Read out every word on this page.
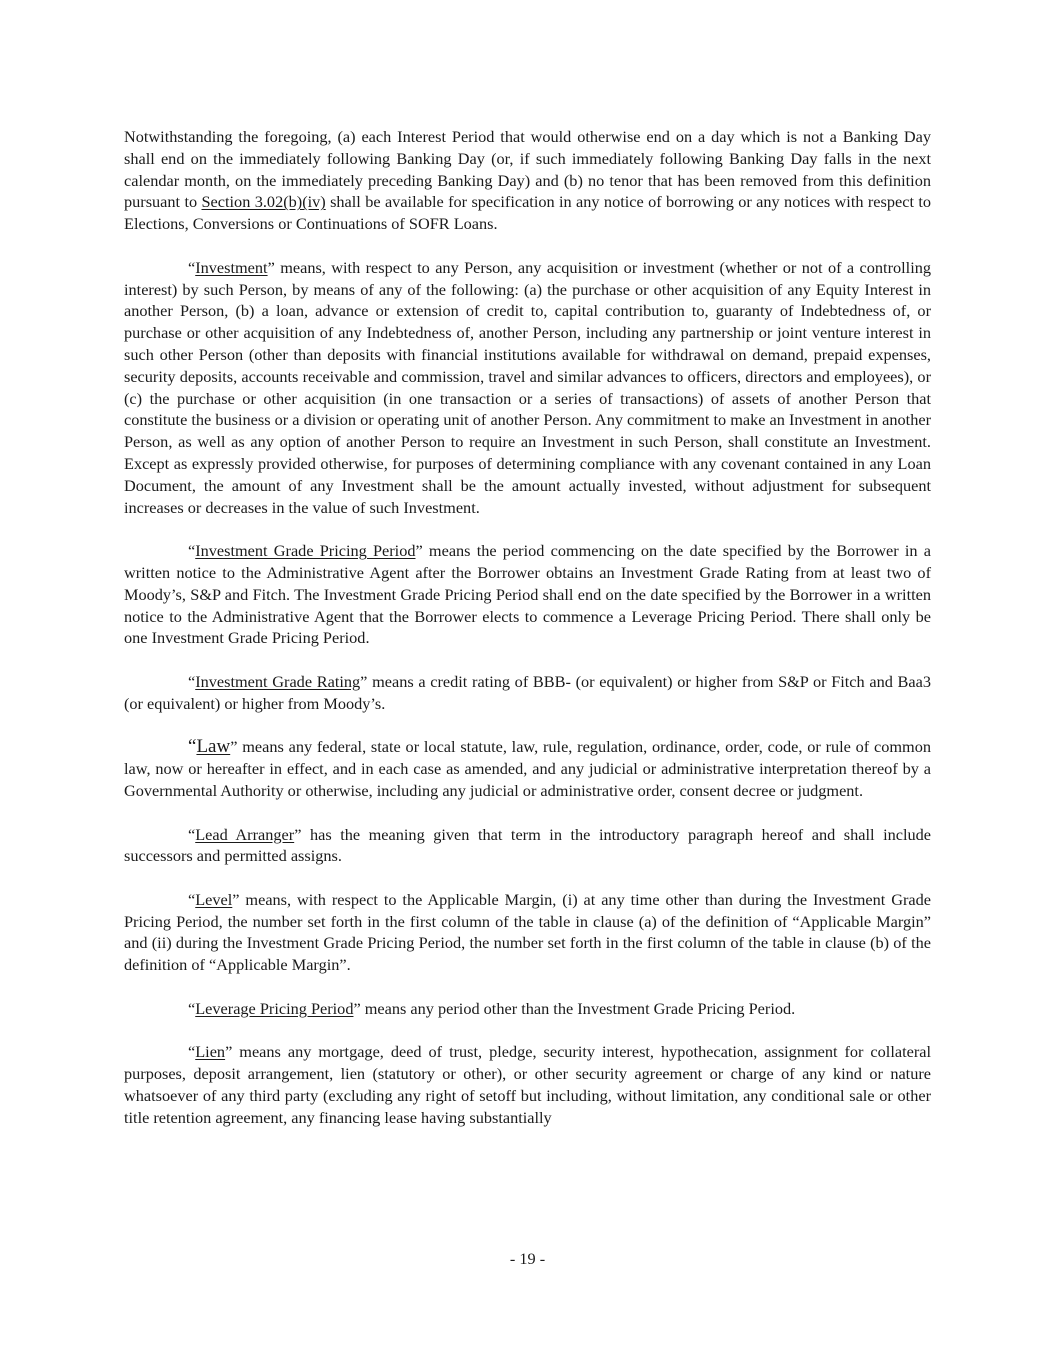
Notwithstanding the foregoing, (a) each Interest Period that would otherwise end on a day which is not a Banking Day shall end on the immediately following Banking Day (or, if such immediately following Banking Day falls in the next calendar month, on the immediately preceding Banking Day) and (b) no tenor that has been removed from this definition pursuant to Section 3.02(b)(iv) shall be available for specification in any notice of borrowing or any notices with respect to Elections, Conversions or Continuations of SOFR Loans.

“Investment” means, with respect to any Person, any acquisition or investment (whether or not of a controlling interest) by such Person, by means of any of the following: (a) the purchase or other acquisition of any Equity Interest in another Person, (b) a loan, advance or extension of credit to, capital contribution to, guaranty of Indebtedness of, or purchase or other acquisition of any Indebtedness of, another Person, including any partnership or joint venture interest in such other Person (other than deposits with financial institutions available for withdrawal on demand, prepaid expenses, security deposits, accounts receivable and commission, travel and similar advances to officers, directors and employees), or (c) the purchase or other acquisition (in one transaction or a series of transactions) of assets of another Person that constitute the business or a division or operating unit of another Person. Any commitment to make an Investment in another Person, as well as any option of another Person to require an Investment in such Person, shall constitute an Investment. Except as expressly provided otherwise, for purposes of determining compliance with any covenant contained in any Loan Document, the amount of any Investment shall be the amount actually invested, without adjustment for subsequent increases or decreases in the value of such Investment.

“Investment Grade Pricing Period” means the period commencing on the date specified by the Borrower in a written notice to the Administrative Agent after the Borrower obtains an Investment Grade Rating from at least two of Moody’s, S&P and Fitch. The Investment Grade Pricing Period shall end on the date specified by the Borrower in a written notice to the Administrative Agent that the Borrower elects to commence a Leverage Pricing Period. There shall only be one Investment Grade Pricing Period.

“Investment Grade Rating” means a credit rating of BBB- (or equivalent) or higher from S&P or Fitch and Baa3 (or equivalent) or higher from Moody’s.

“Law” means any federal, state or local statute, law, rule, regulation, ordinance, order, code, or rule of common law, now or hereafter in effect, and in each case as amended, and any judicial or administrative interpretation thereof by a Governmental Authority or otherwise, including any judicial or administrative order, consent decree or judgment.

“Lead Arranger” has the meaning given that term in the introductory paragraph hereof and shall include successors and permitted assigns.

“Level” means, with respect to the Applicable Margin, (i) at any time other than during the Investment Grade Pricing Period, the number set forth in the first column of the table in clause (a) of the definition of “Applicable Margin” and (ii) during the Investment Grade Pricing Period, the number set forth in the first column of the table in clause (b) of the definition of “Applicable Margin”.

“Leverage Pricing Period” means any period other than the Investment Grade Pricing Period.

“Lien” means any mortgage, deed of trust, pledge, security interest, hypothecation, assignment for collateral purposes, deposit arrangement, lien (statutory or other), or other security agreement or charge of any kind or nature whatsoever of any third party (excluding any right of setoff but including, without limitation, any conditional sale or other title retention agreement, any financing lease having substantially

- 19 -
